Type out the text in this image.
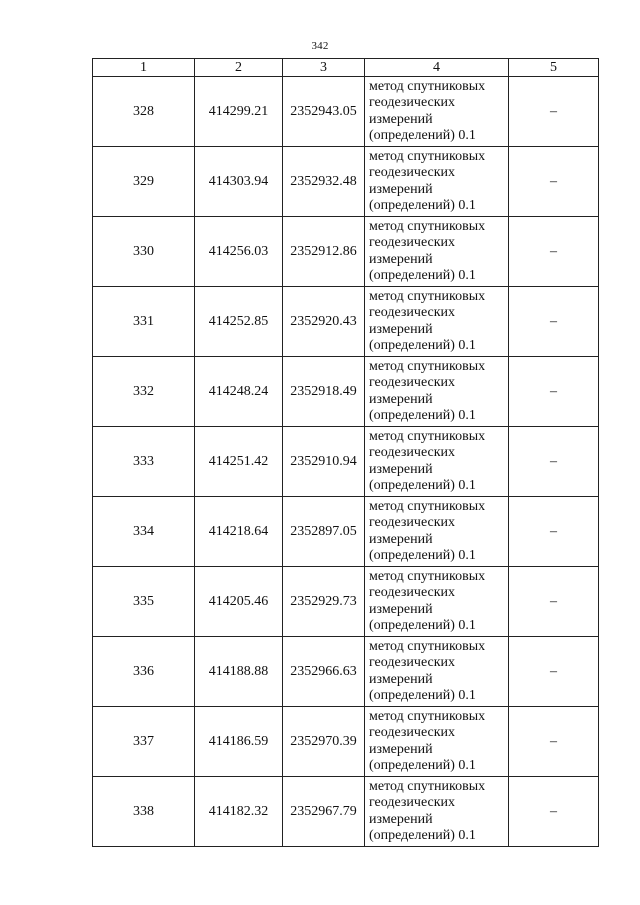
342
1	2	3	4	5
328	414299.21	2352943.05	метод спутниковых
геодезических
измерений
(определений) 0.1	–
329	414303.94	2352932.48	метод спутниковых
геодезических
измерений
(определений) 0.1	–
330	414256.03	2352912.86	метод спутниковых
геодезических
измерений
(определений) 0.1	–
331	414252.85	2352920.43	метод спутниковых
геодезических
измерений
(определений) 0.1	–
332	414248.24	2352918.49	метод спутниковых
геодезических
измерений
(определений) 0.1	–
333	414251.42	2352910.94	метод спутниковых
геодезических
измерений
(определений) 0.1	–
334	414218.64	2352897.05	метод спутниковых
геодезических
измерений
(определений) 0.1	–
335	414205.46	2352929.73	метод спутниковых
геодезических
измерений
(определений) 0.1	–
336	414188.88	2352966.63	метод спутниковых
геодезических
измерений
(определений) 0.1	–
337	414186.59	2352970.39	метод спутниковых
геодезических
измерений
(определений) 0.1	–
338	414182.32	2352967.79	метод спутниковых
геодезических
измерений
(определений) 0.1	–
